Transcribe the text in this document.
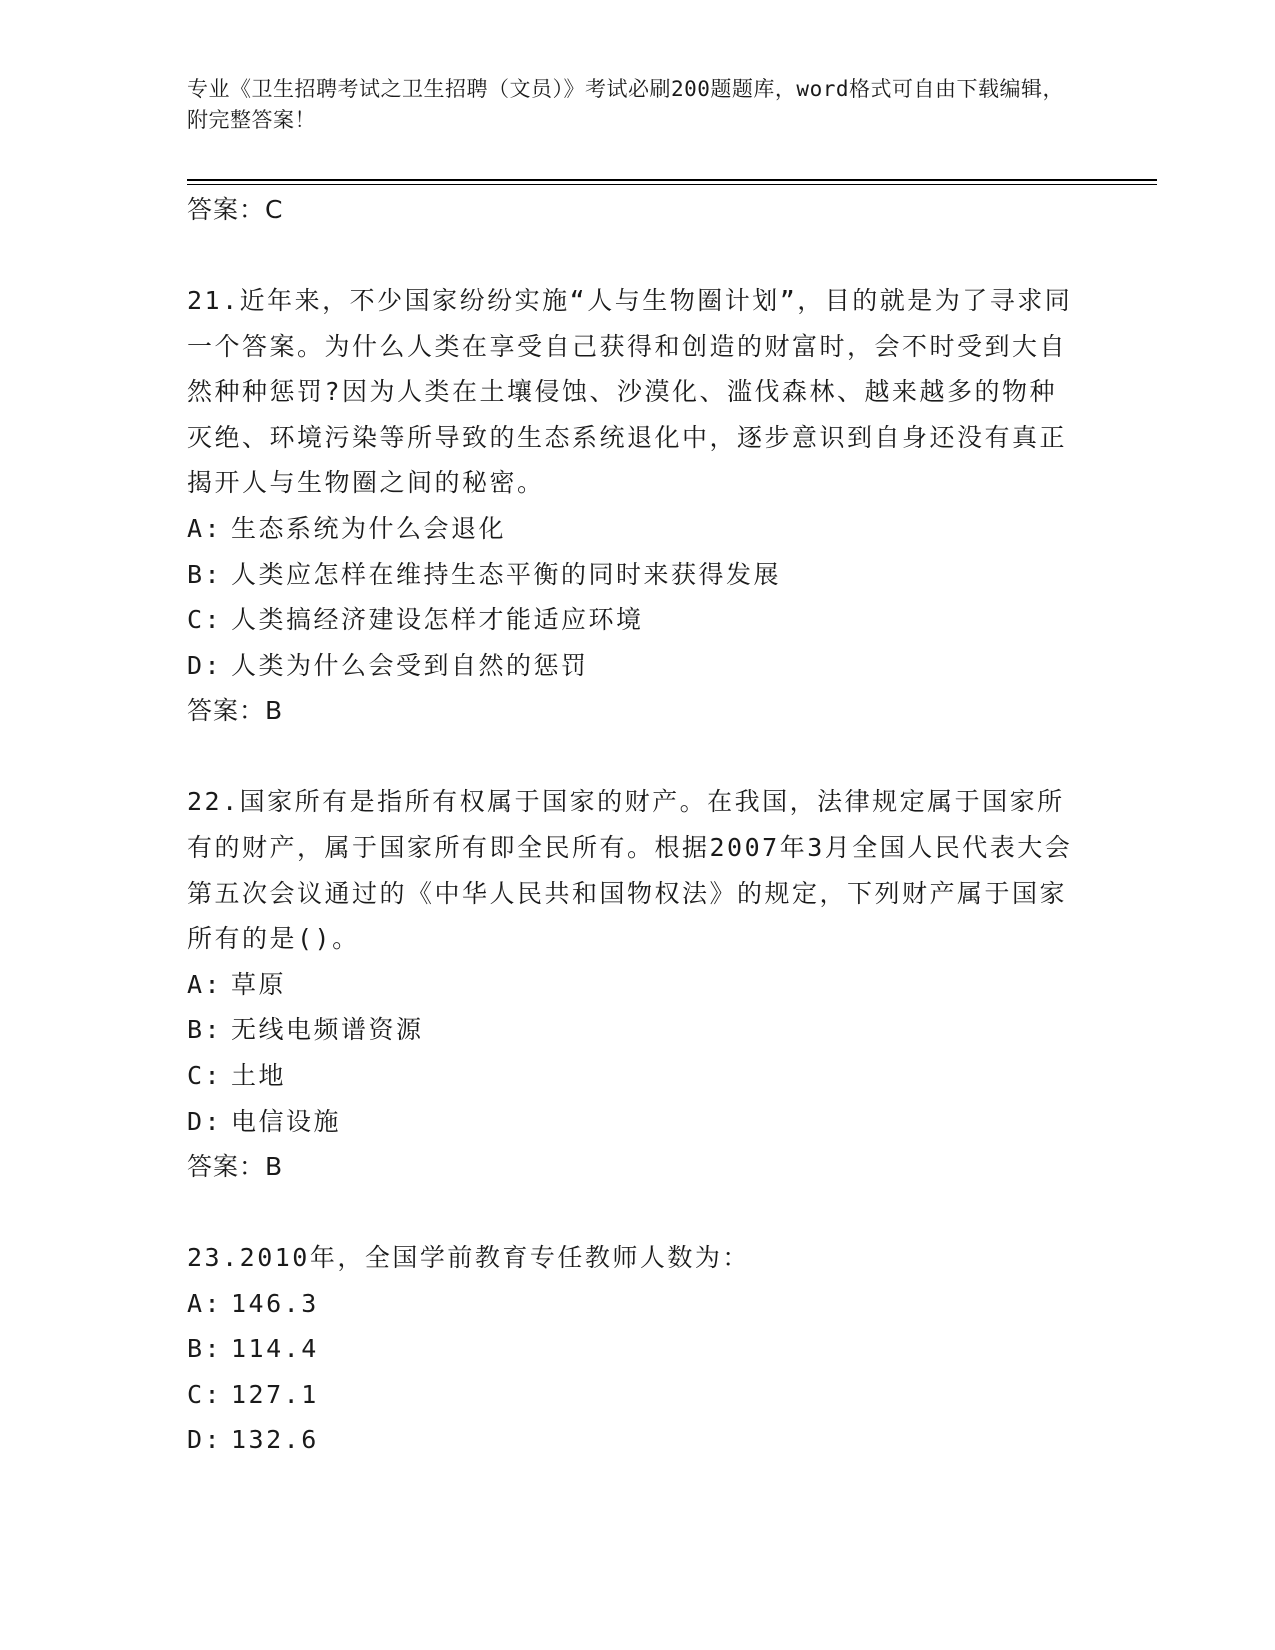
专业《卫生招聘考试之卫生招聘（文员）》考试必刷200题题库，word格式可自由下载编辑，附完整答案！
答案：C
21.近年来，不少国家纷纷实施“人与生物圈计划”，目的就是为了寻求同一个答案。为什么人类在享受自己获得和创造的财富时，会不时受到大自然种种惩罚?因为人类在土壤侵蚀、沙漠化、滥伐森林、越来越多的物种灭绝、环境污染等所导致的生态系统退化中，逐步意识到自身还没有真正揭开人与生物圈之间的秘密。
A: 生态系统为什么会退化
B: 人类应怎样在维持生态平衡的同时来获得发展
C: 人类搞经济建设怎样才能适应环境
D: 人类为什么会受到自然的惩罚
答案：B
22.国家所有是指所有权属于国家的财产。在我国，法律规定属于国家所有的财产，属于国家所有即全民所有。根据2007年3月全国人民代表大会第五次会议通过的《中华人民共和国物权法》的规定，下列财产属于国家所有的是()。
A: 草原
B: 无线电频谱资源
C: 土地
D: 电信设施
答案：B
23.2010年，全国学前教育专任教师人数为：
A: 146.3
B: 114.4
C: 127.1
D: 132.6
